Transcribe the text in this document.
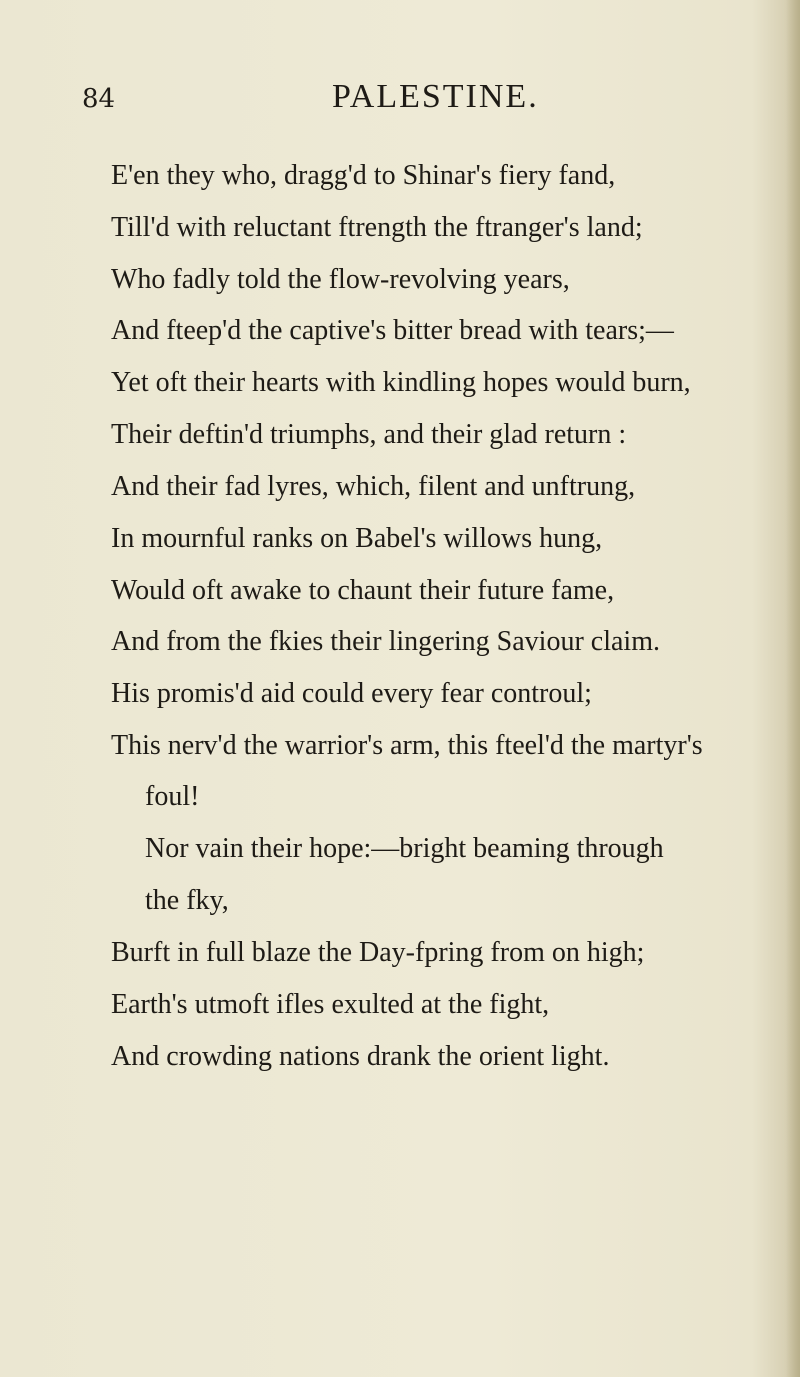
84	PALESTINE.
E'en they who, dragg'd to Shinar's fiery fand,
Till'd with reluctant ftrength the ftranger's land;
Who fadly told the flow-revolving years,
And fteep'd the captive's bitter bread with tears;—
Yet oft their hearts with kindling hopes would burn,
Their deftin'd triumphs, and their glad return :
And their fad lyres, which, filent and unftrung,
In mournful ranks on Babel's willows hung,
Would oft awake to chaunt their future fame,
And from the fkies their lingering Saviour claim.
His promis'd aid could every fear controul;
This nerv'd the warrior's arm, this fteel'd the martyr's
foul!
Nor vain their hope:—bright beaming through
the fky,
Burft in full blaze the Day-fpring from on high;
Earth's utmoft ifles exulted at the fight,
And crowding nations drank the orient light.
